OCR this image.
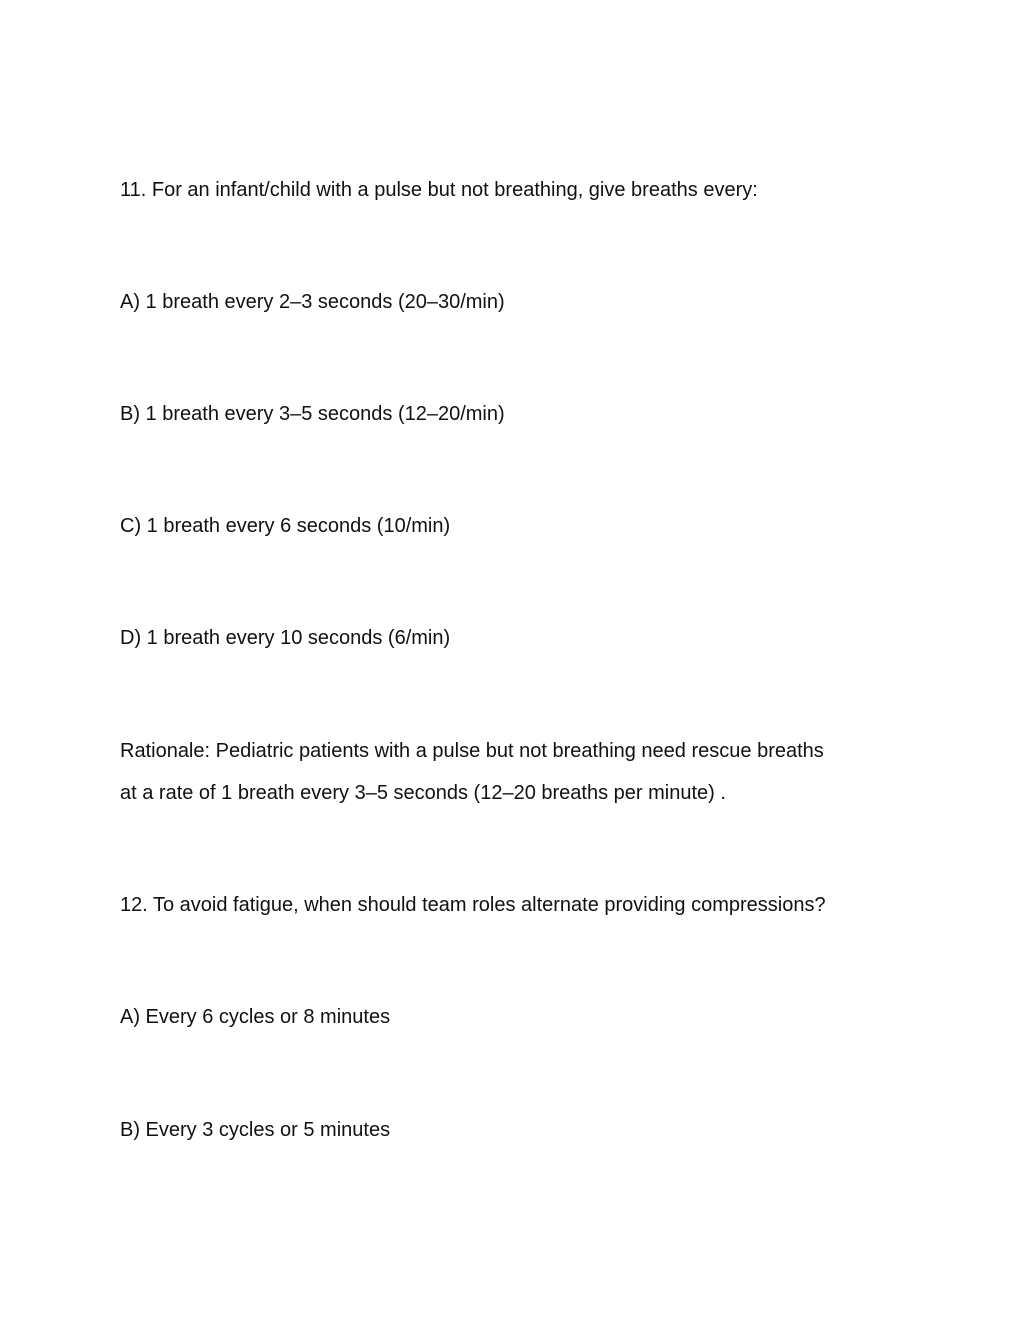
11. For an infant/child with a pulse but not breathing, give breaths every:
A) 1 breath every 2–3 seconds (20–30/min)
B) 1 breath every 3–5 seconds (12–20/min)
C) 1 breath every 6 seconds (10/min)
D) 1 breath every 10 seconds (6/min)
Rationale: Pediatric patients with a pulse but not breathing need rescue breaths
at a rate of 1 breath every 3–5 seconds (12–20 breaths per minute) .
12. To avoid fatigue, when should team roles alternate providing compressions?
A) Every 6 cycles or 8 minutes
B) Every 3 cycles or 5 minutes
